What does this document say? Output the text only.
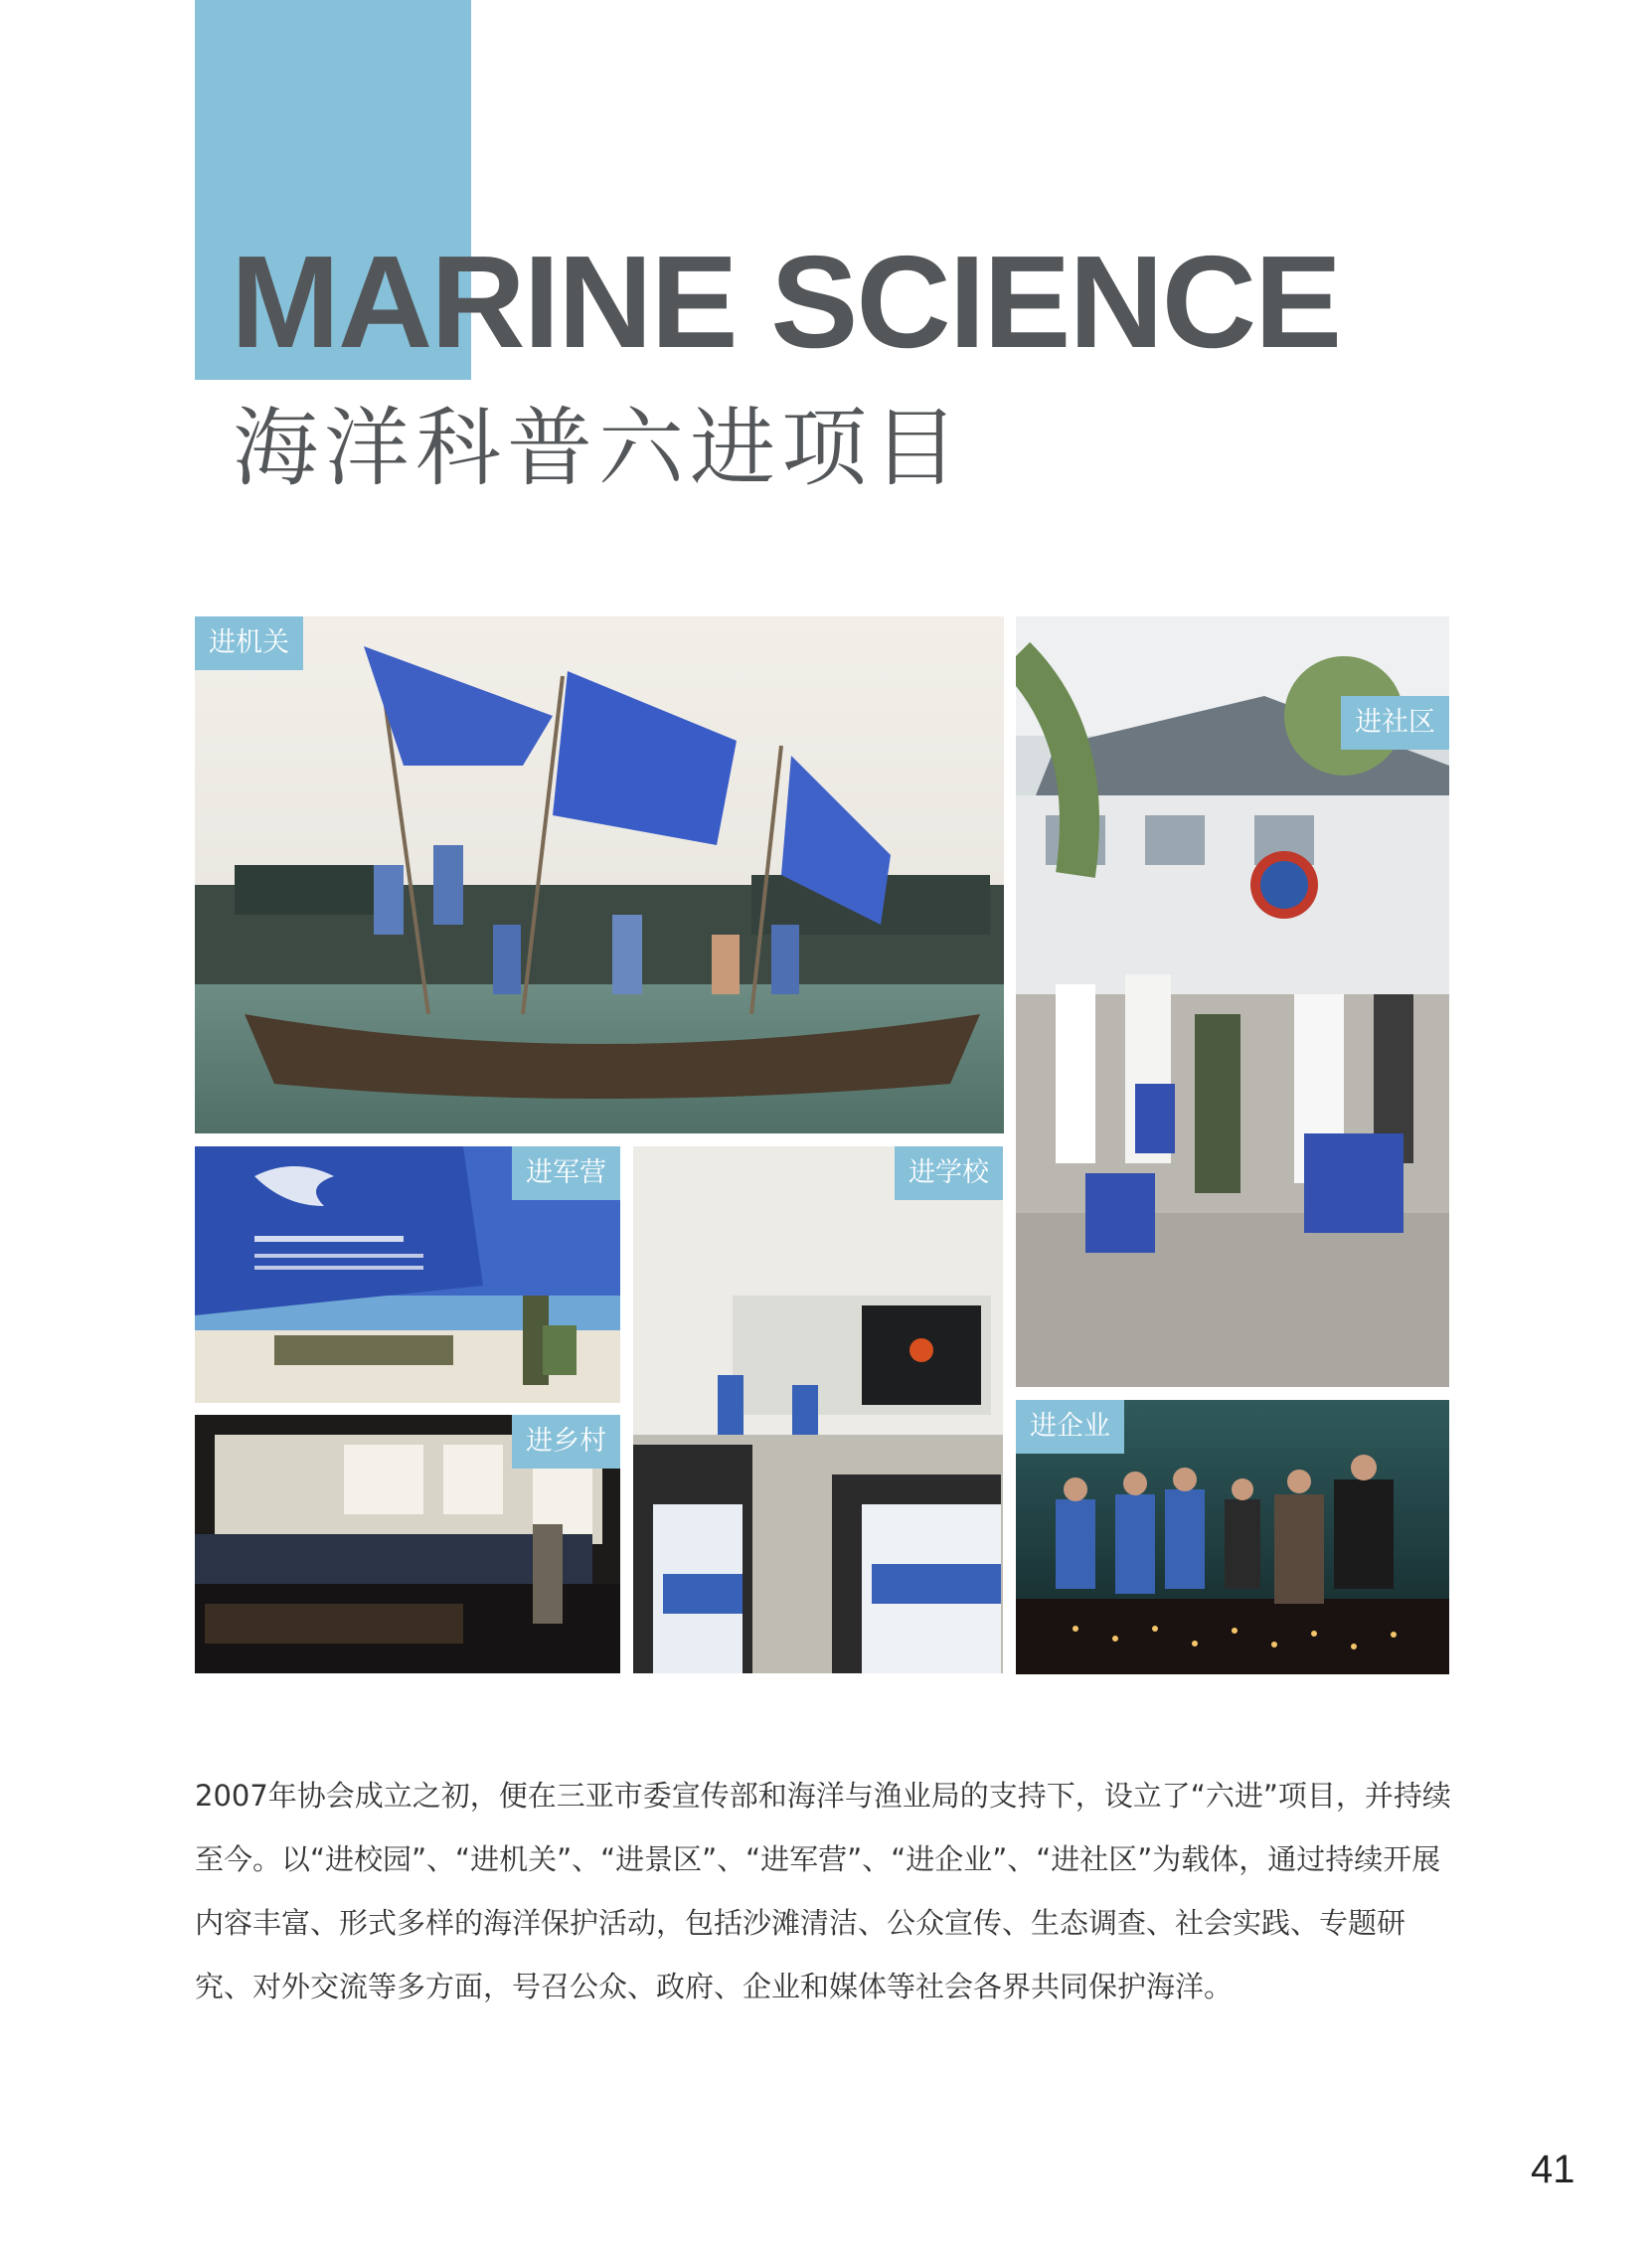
MARINE SCIENCE
海洋科普六进项目
进机关
进社区
进军营	进学校
进乡村	进企业

2007年协会成立之初，便在三亚市委宣传部和海洋与渔业局的支持下，设立了“六进”项目，并持续至今。以“进校园”、“进机关”、“进景区”、“进军营”、“进企业”、“进社区”为载体，通过持续开展内容丰富、形式多样的海洋保护活动，包括沙滩清洁、公众宣传、生态调查、社会实践、专题研究、对外交流等多方面，号召公众、政府、企业和媒体等社会各界共同保护海洋。

41
